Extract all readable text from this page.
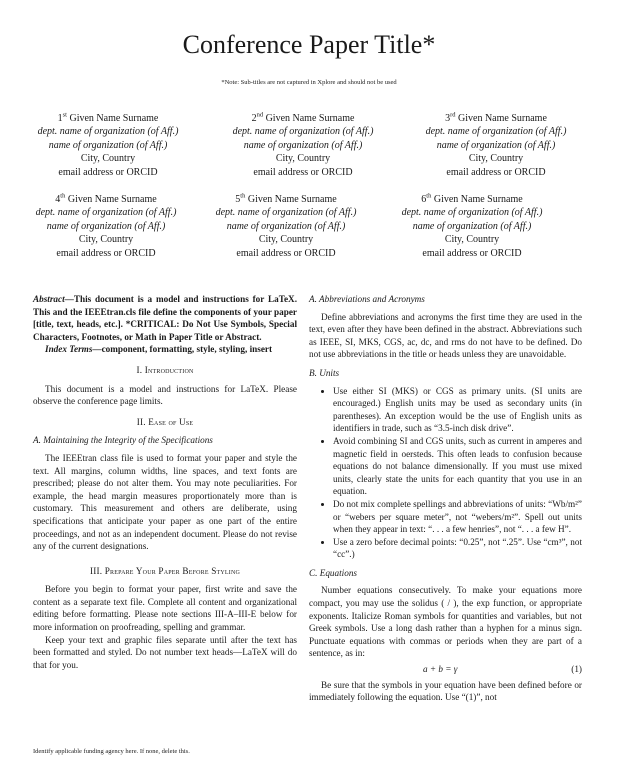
Conference Paper Title*
*Note: Sub-titles are not captured in Xplore and should not be used
1st Given Name Surname
dept. name of organization (of Aff.)
name of organization (of Aff.)
City, Country
email address or ORCID
2nd Given Name Surname
dept. name of organization (of Aff.)
name of organization (of Aff.)
City, Country
email address or ORCID
3rd Given Name Surname
dept. name of organization (of Aff.)
name of organization (of Aff.)
City, Country
email address or ORCID
4th Given Name Surname
dept. name of organization (of Aff.)
name of organization (of Aff.)
City, Country
email address or ORCID
5th Given Name Surname
dept. name of organization (of Aff.)
name of organization (of Aff.)
City, Country
email address or ORCID
6th Given Name Surname
dept. name of organization (of Aff.)
name of organization (of Aff.)
City, Country
email address or ORCID
Abstract—This document is a model and instructions for LaTeX. This and the IEEEtran.cls file define the components of your paper [title, text, heads, etc.]. *CRITICAL: Do Not Use Symbols, Special Characters, Footnotes, or Math in Paper Title or Abstract.
Index Terms—component, formatting, style, styling, insert
I. Introduction

This document is a model and instructions for LaTeX. Please observe the conference page limits.

II. Ease of Use
A. Maintaining the Integrity of the Specifications

The IEEEtran class file is used to format your paper and style the text. All margins, column widths, line spaces, and text fonts are prescribed; please do not alter them. You may note peculiarities. For example, the head margin measures proportionately more than is customary. This measurement and others are deliberate, using specifications that anticipate your paper as one part of the entire proceedings, and not as an independent document. Please do not revise any of the current designations.

III. Prepare Your Paper Before Styling

Before you begin to format your paper, first write and save the content as a separate text file. Complete all content and organizational editing before formatting. Please note sections III-A–III-E below for more information on proofreading, spelling and grammar.

Keep your text and graphic files separate until after the text has been formatted and styled. Do not number text heads—LaTeX will do that for you.

A. Abbreviations and Acronyms

Define abbreviations and acronyms the first time they are used in the text, even after they have been defined in the abstract. Abbreviations such as IEEE, SI, MKS, CGS, ac, dc, and rms do not have to be defined. Do not use abbreviations in the title or heads unless they are unavoidable.

B. Units
• Use either SI (MKS) or CGS as primary units. (SI units are encouraged.) English units may be used as secondary units (in parentheses). An exception would be the use of English units as identifiers in trade, such as “3.5-inch disk drive”.
• Avoid combining SI and CGS units, such as current in amperes and magnetic field in oersteds. This often leads to confusion because equations do not balance dimensionally. If you must use mixed units, clearly state the units for each quantity that you use in an equation.
• Do not mix complete spellings and abbreviations of units: “Wb/m²” or “webers per square meter”, not “webers/m²”. Spell out units when they appear in text: “. . . a few henries”, not “. . . a few H”.
• Use a zero before decimal points: “0.25”, not “.25”. Use “cm³”, not “cc”.)
C. Equations

Number equations consecutively. To make your equations more compact, you may use the solidus ( / ), the exp function, or appropriate exponents. Italicize Roman symbols for quantities and variables, but not Greek symbols. Use a long dash rather than a hyphen for a minus sign. Punctuate equations with commas or periods when they are part of a sentence, as in:

a + b = γ	(1)

Be sure that the symbols in your equation have been defined before or immediately following the equation. Use “(1)”, not

Identify applicable funding agency here. If none, delete this.
